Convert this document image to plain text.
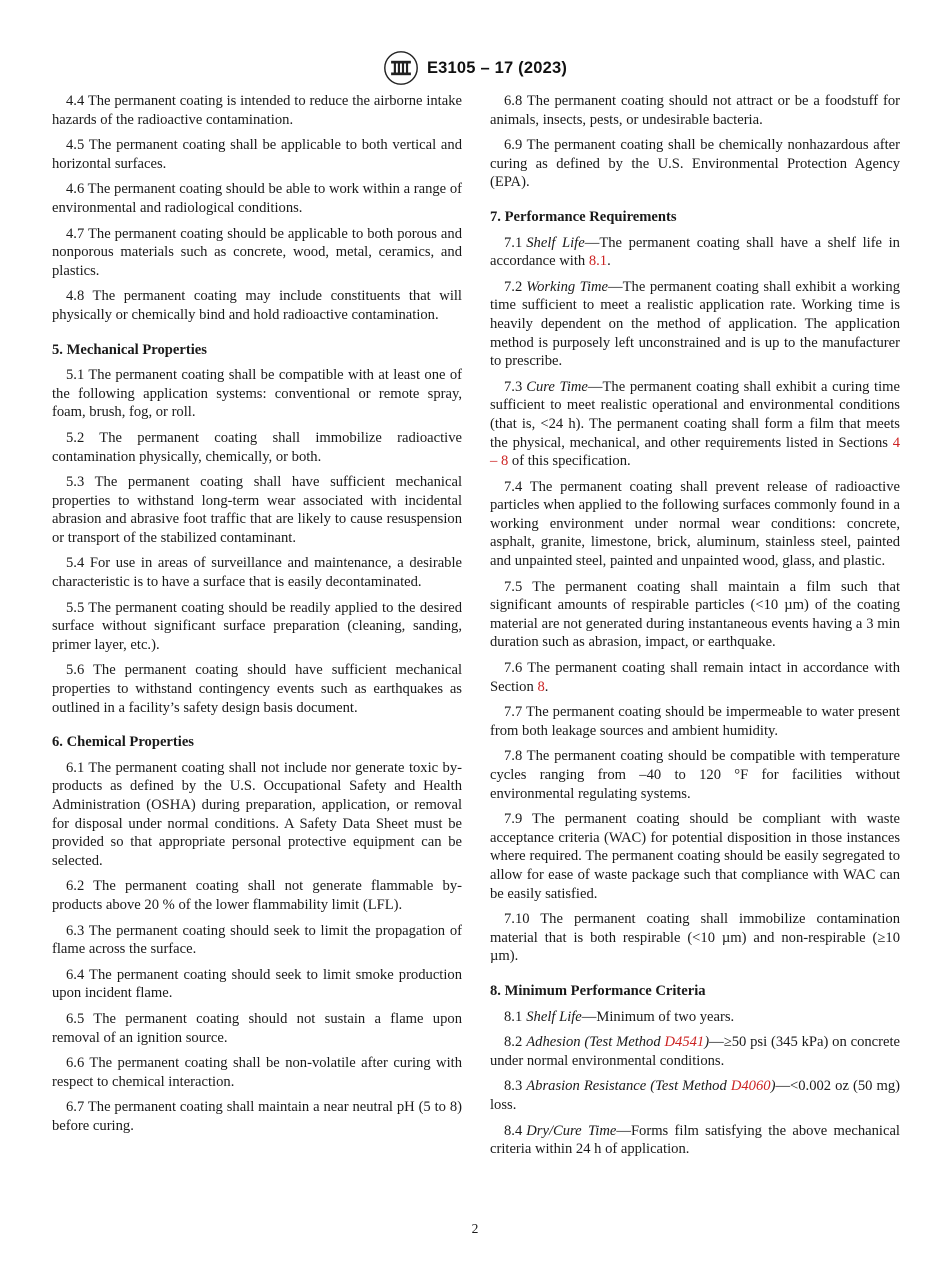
E3105 – 17 (2023)

4.4 The permanent coating is intended to reduce the airborne intake hazards of the radioactive contamination.

4.5 The permanent coating shall be applicable to both vertical and horizontal surfaces.

4.6 The permanent coating should be able to work within a range of environmental and radiological conditions.

4.7 The permanent coating should be applicable to both porous and nonporous materials such as concrete, wood, metal, ceramics, and plastics.

4.8 The permanent coating may include constituents that will physically or chemically bind and hold radioactive contamination.

5. Mechanical Properties

5.1 The permanent coating shall be compatible with at least one of the following application systems: conventional or remote spray, foam, brush, fog, or roll.

5.2 The permanent coating shall immobilize radioactive contamination physically, chemically, or both.

5.3 The permanent coating shall have sufficient mechanical properties to withstand long-term wear associated with incidental abrasion and abrasive foot traffic that are likely to cause resuspension or transport of the stabilized contaminant.

5.4 For use in areas of surveillance and maintenance, a desirable characteristic is to have a surface that is easily decontaminated.

5.5 The permanent coating should be readily applied to the desired surface without significant surface preparation (cleaning, sanding, primer layer, etc.).

5.6 The permanent coating should have sufficient mechanical properties to withstand contingency events such as earthquakes as outlined in a facility’s safety design basis document.

6. Chemical Properties

6.1 The permanent coating shall not include nor generate toxic by-products as defined by the U.S. Occupational Safety and Health Administration (OSHA) during preparation, application, or removal for disposal under normal conditions. A Safety Data Sheet must be provided so that appropriate personal protective equipment can be selected.

6.2 The permanent coating shall not generate flammable by-products above 20 % of the lower flammability limit (LFL).

6.3 The permanent coating should seek to limit the propagation of flame across the surface.

6.4 The permanent coating should seek to limit smoke production upon incident flame.

6.5 The permanent coating should not sustain a flame upon removal of an ignition source.

6.6 The permanent coating shall be non-volatile after curing with respect to chemical interaction.

6.7 The permanent coating shall maintain a near neutral pH (5 to 8) before curing.

6.8 The permanent coating should not attract or be a foodstuff for animals, insects, pests, or undesirable bacteria.

6.9 The permanent coating shall be chemically nonhazardous after curing as defined by the U.S. Environmental Protection Agency (EPA).

7. Performance Requirements

7.1 Shelf Life—The permanent coating shall have a shelf life in accordance with 8.1.

7.2 Working Time—The permanent coating shall exhibit a working time sufficient to meet a realistic application rate. Working time is heavily dependent on the method of application. The application method is purposely left unconstrained and is up to the manufacturer to prescribe.

7.3 Cure Time—The permanent coating shall exhibit a curing time sufficient to meet realistic operational and environmental conditions (that is, <24 h). The permanent coating shall form a film that meets the physical, mechanical, and other requirements listed in Sections 4 – 8 of this specification.

7.4 The permanent coating shall prevent release of radioactive particles when applied to the following surfaces commonly found in a working environment under normal wear conditions: concrete, asphalt, granite, limestone, brick, aluminum, stainless steel, painted and unpainted steel, painted and unpainted wood, glass, and plastic.

7.5 The permanent coating shall maintain a film such that significant amounts of respirable particles (<10 µm) of the coating material are not generated during instantaneous events having a 3 min duration such as abrasion, impact, or earthquake.

7.6 The permanent coating shall remain intact in accordance with Section 8.

7.7 The permanent coating should be impermeable to water present from both leakage sources and ambient humidity.

7.8 The permanent coating should be compatible with temperature cycles ranging from –40 to 120 °F for facilities without environmental regulating systems.

7.9 The permanent coating should be compliant with waste acceptance criteria (WAC) for potential disposition in those instances where required. The permanent coating should be easily segregated to allow for ease of waste package such that compliance with WAC can be easily satisfied.

7.10 The permanent coating shall immobilize contamination material that is both respirable (<10 µm) and non-respirable (≥10 µm).

8. Minimum Performance Criteria

8.1 Shelf Life—Minimum of two years.

8.2 Adhesion (Test Method D4541)—≥50 psi (345 kPa) on concrete under normal environmental conditions.

8.3 Abrasion Resistance (Test Method D4060)—<0.002 oz (50 mg) loss.

8.4 Dry/Cure Time—Forms film satisfying the above mechanical criteria within 24 h of application.

2
